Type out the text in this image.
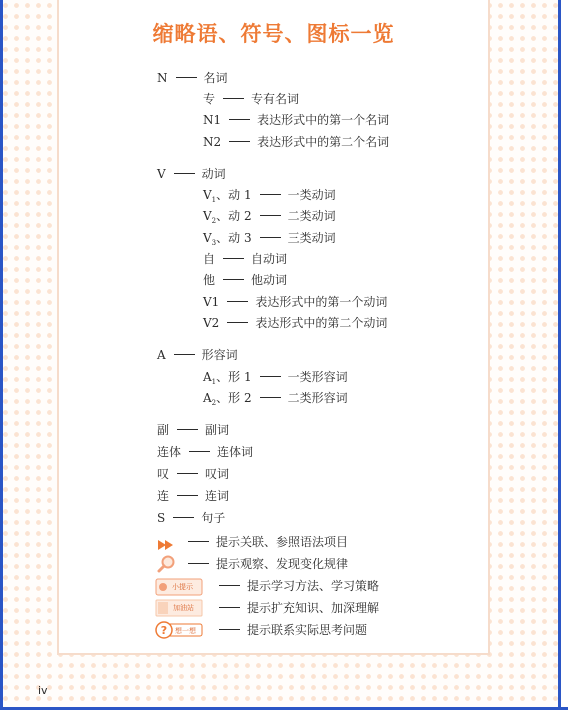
缩略语、符号、图标一览
N	名词
专	专有名词
N1	表达形式中的第一个名词
N2	表达形式中的第二个名词
V	动词
$V_1$、动 1	一类动词
$V_2$、动 2	二类动词
$V_3$、动 3	三类动词
自	自动词
他	他动词
V1	表达形式中的第一个动词
V2	表达形式中的第二个动词
A	形容词
$A_1$、形 1	一类形容词
$A_2$、形 2	二类形容词
副	副词
连体	连体词
叹	叹词
连	连词
S	句子
提示关联、参照语法项目
提示观察、发现变化规律
小提示	提示学习方法、学习策略
加油站	提示扩充知识、加深理解
? 想一想	提示联系实际思考问题
iv
